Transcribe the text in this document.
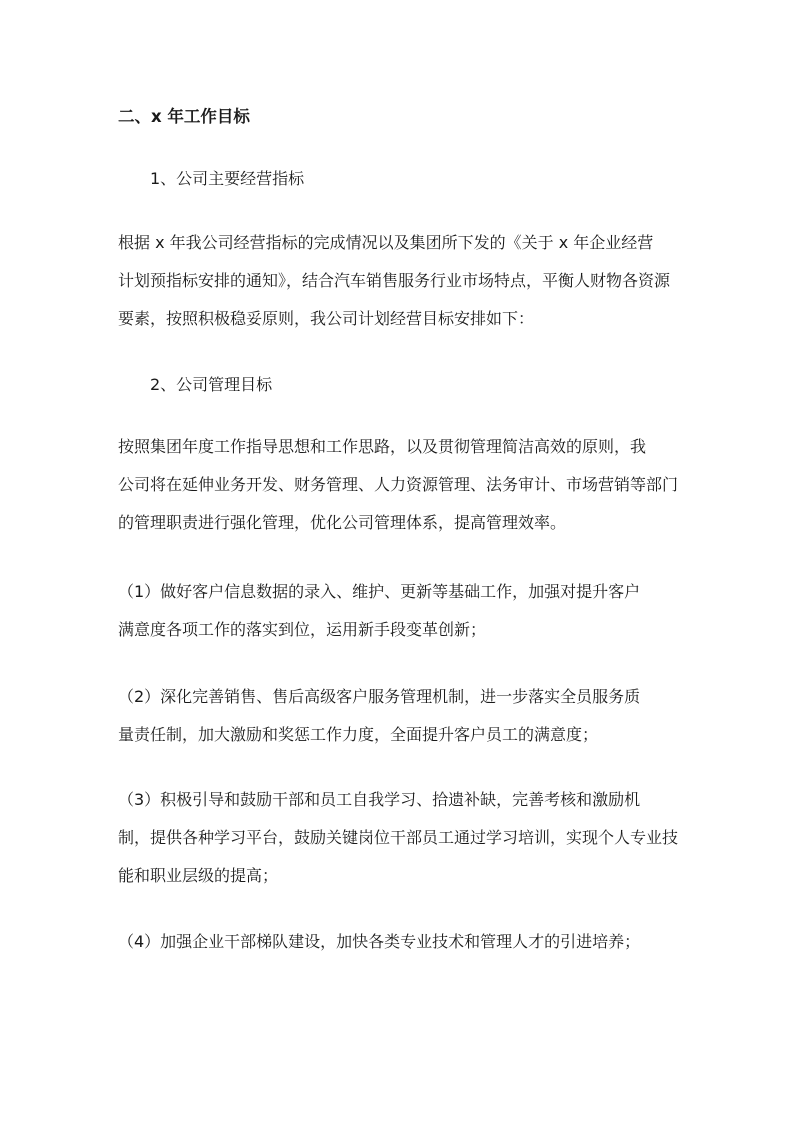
二、x 年工作目标

1、公司主要经营指标

根据 x 年我公司经营指标的完成情况以及集团所下发的《关于 x 年企业经营
计划预指标安排的通知》，结合汽车销售服务行业市场特点，平衡人财物各资源
要素，按照积极稳妥原则，我公司计划经营目标安排如下：

2、公司管理目标

按照集团年度工作指导思想和工作思路，以及贯彻管理简洁高效的原则，我
公司将在延伸业务开发、财务管理、人力资源管理、法务审计、市场营销等部门
的管理职责进行强化管理，优化公司管理体系，提高管理效率。

（1）做好客户信息数据的录入、维护、更新等基础工作，加强对提升客户
满意度各项工作的落实到位，运用新手段变革创新；

（2）深化完善销售、售后高级客户服务管理机制，进一步落实全员服务质
量责任制，加大激励和奖惩工作力度，全面提升客户员工的满意度；

（3）积极引导和鼓励干部和员工自我学习、拾遗补缺，完善考核和激励机
制，提供各种学习平台，鼓励关键岗位干部员工通过学习培训，实现个人专业技
能和职业层级的提高；

（4）加强企业干部梯队建设，加快各类专业技术和管理人才的引进培养；
